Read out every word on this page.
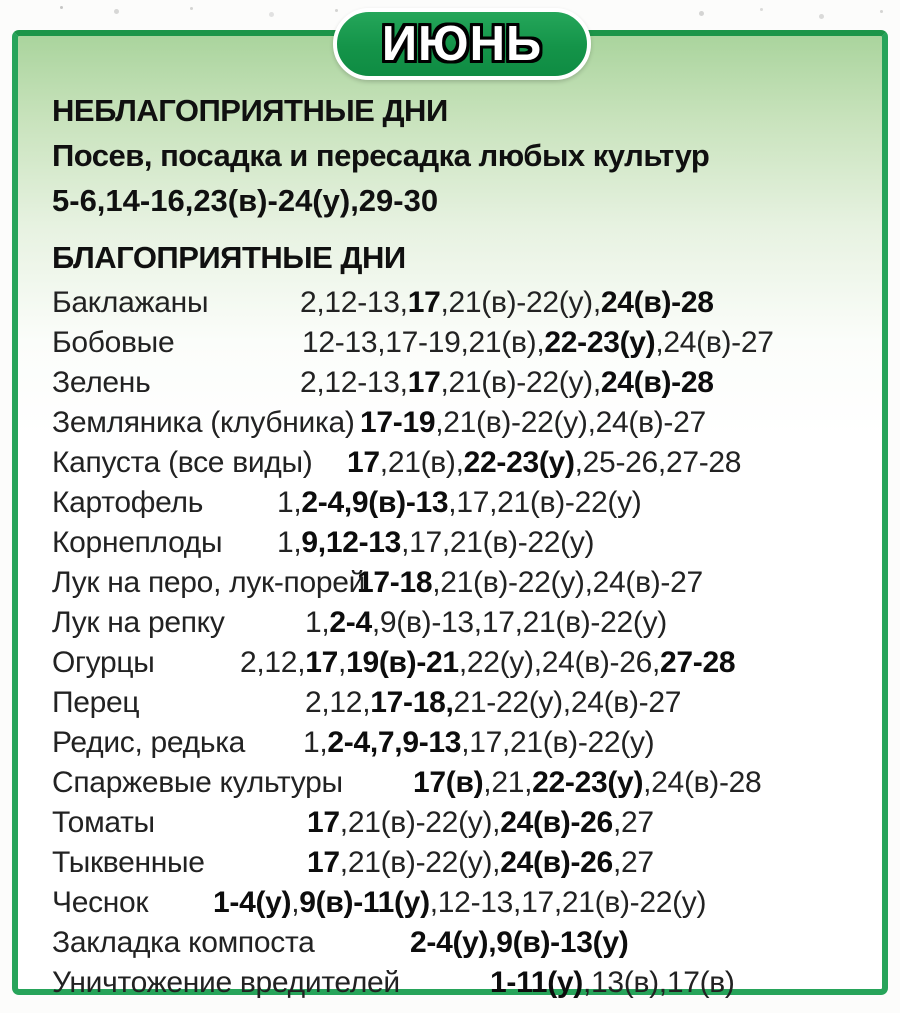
НЕБЛАГОПРИЯТНЫЕ ДНИ

Посев, посадка и пересадка любых культур

5-6,14-16,23(в)-24(у),29-30

БЛАГОПРИЯТНЫЕ ДНИ
Баклажаны	2,12-13,17,21(в)-22(у),24(в)-28
Бобовые	12-13,17-19,21(в),22-23(у),24(в)-27
Зелень	2,12-13,17,21(в)-22(у),24(в)-28
Земляника (клубника) 17-19,21(в)-22(у),24(в)-27
Капуста (все виды) 17,21(в),22-23(у),25-26,27-28
Картофель 1,2-4,9(в)-13,17,21(в)-22(у)
Корнеплоды 1,9,12-13,17,21(в)-22(у)
Лук на перо, лук-порей
17-18,21(в)-22(у),24(в)-27
Лук на репку	1,2-4,9(в)-13,17,21(в)-22(у)
Огурцы	2,12,17,19(в)-21,22(у),24(в)-26,27-28
Перец	2,12,17-18,21-22(у),24(в)-27
Редис, редька 1,2-4,7,9-13,17,21(в)-22(у)
Спаржевые культуры 17(в),21,22-23(у),24(в)-28
Томаты	17,21(в)-22(у),24(в)-26,27
Тыквенные	17,21(в)-22(у),24(в)-26,27
Чеснок 1-4(у),9(в)-11(у),12-13,17,21(в)-22(у)
Закладка компоста	2-4(у),9(в)-13(у)
Уничтожение вредителей	1-11(у),13(в),17(в)
ИЮНЬ
